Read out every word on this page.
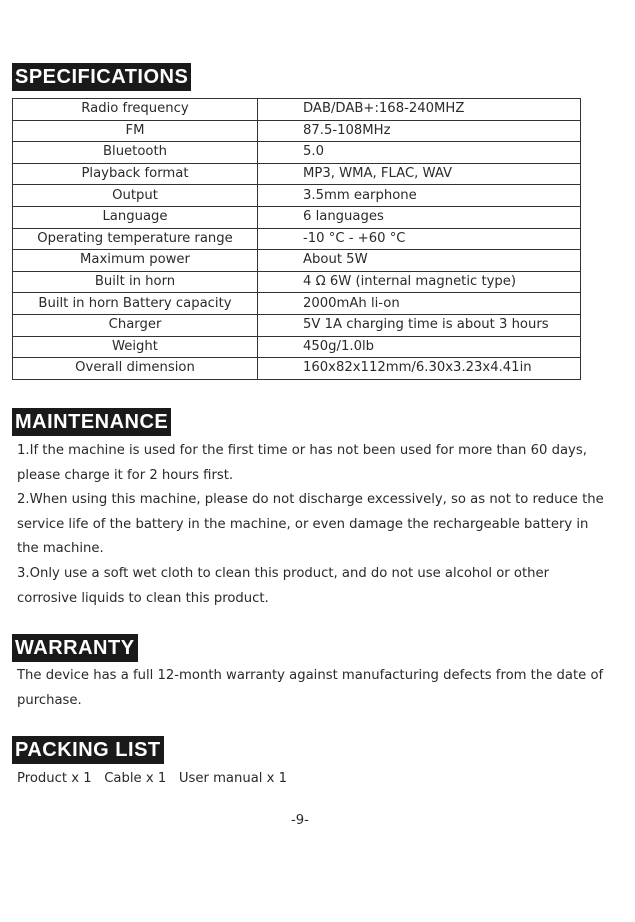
SPECIFICATIONS
Radio frequency	DAB/DAB+:168-240MHZ
FM	87.5-108MHz
Bluetooth	5.0
Playback format	MP3, WMA, FLAC, WAV
Output	3.5mm earphone
Language	6 languages
Operating temperature range	-10 °C - +60 °C
Maximum power	About 5W
Built in horn	4 Ω 6W (internal magnetic type)
Built in horn Battery capacity	2000mAh li-on
Charger	5V 1A charging time is about 3 hours
Weight	450g/1.0lb
Overall dimension	160x82x112mm/6.30x3.23x4.41in
MAINTENANCE

1.If the machine is used for the first time or has not been used for more than 60 days, please charge it for 2 hours first.

2.When using this machine, please do not discharge excessively, so as not to reduce the service life of the battery in the machine, or even damage the rechargeable battery in the machine.

3.Only use a soft wet cloth to clean this product, and do not use alcohol or other corrosive liquids to clean this product.

WARRANTY
The device has a full 12-month warranty against manufacturing defects from the date of purchase.
PACKING LIST
Product x 1   Cable x 1   User manual x 1
-9-
